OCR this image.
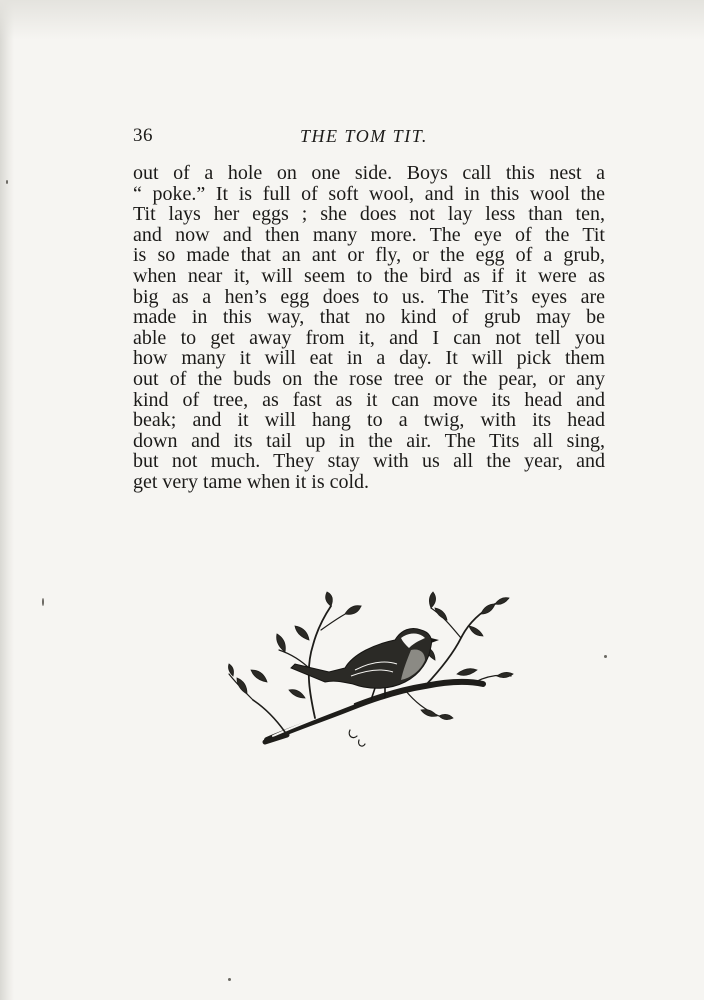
36	THE TOM TIT.
out of a hole on one side. Boys call this nest a
“ poke.” It is full of soft wool, and in this wool the
Tit lays her eggs ; she does not lay less than ten,
and now and then many more. The eye of the Tit
is so made that an ant or fly, or the egg of a grub,
when near it, will seem to the bird as if it were as
big as a hen’s egg does to us. The Tit’s eyes are
made in this way, that no kind of grub may be
able to get away from it, and I can not tell you
how many it will eat in a day. It will pick them
out of the buds on the rose tree or the pear, or any
kind of tree, as fast as it can move its head and
beak; and it will hang to a twig, with its head
down and its tail up in the air. The Tits all sing,
but not much. They stay with us all the year, and
get very tame when it is cold.
